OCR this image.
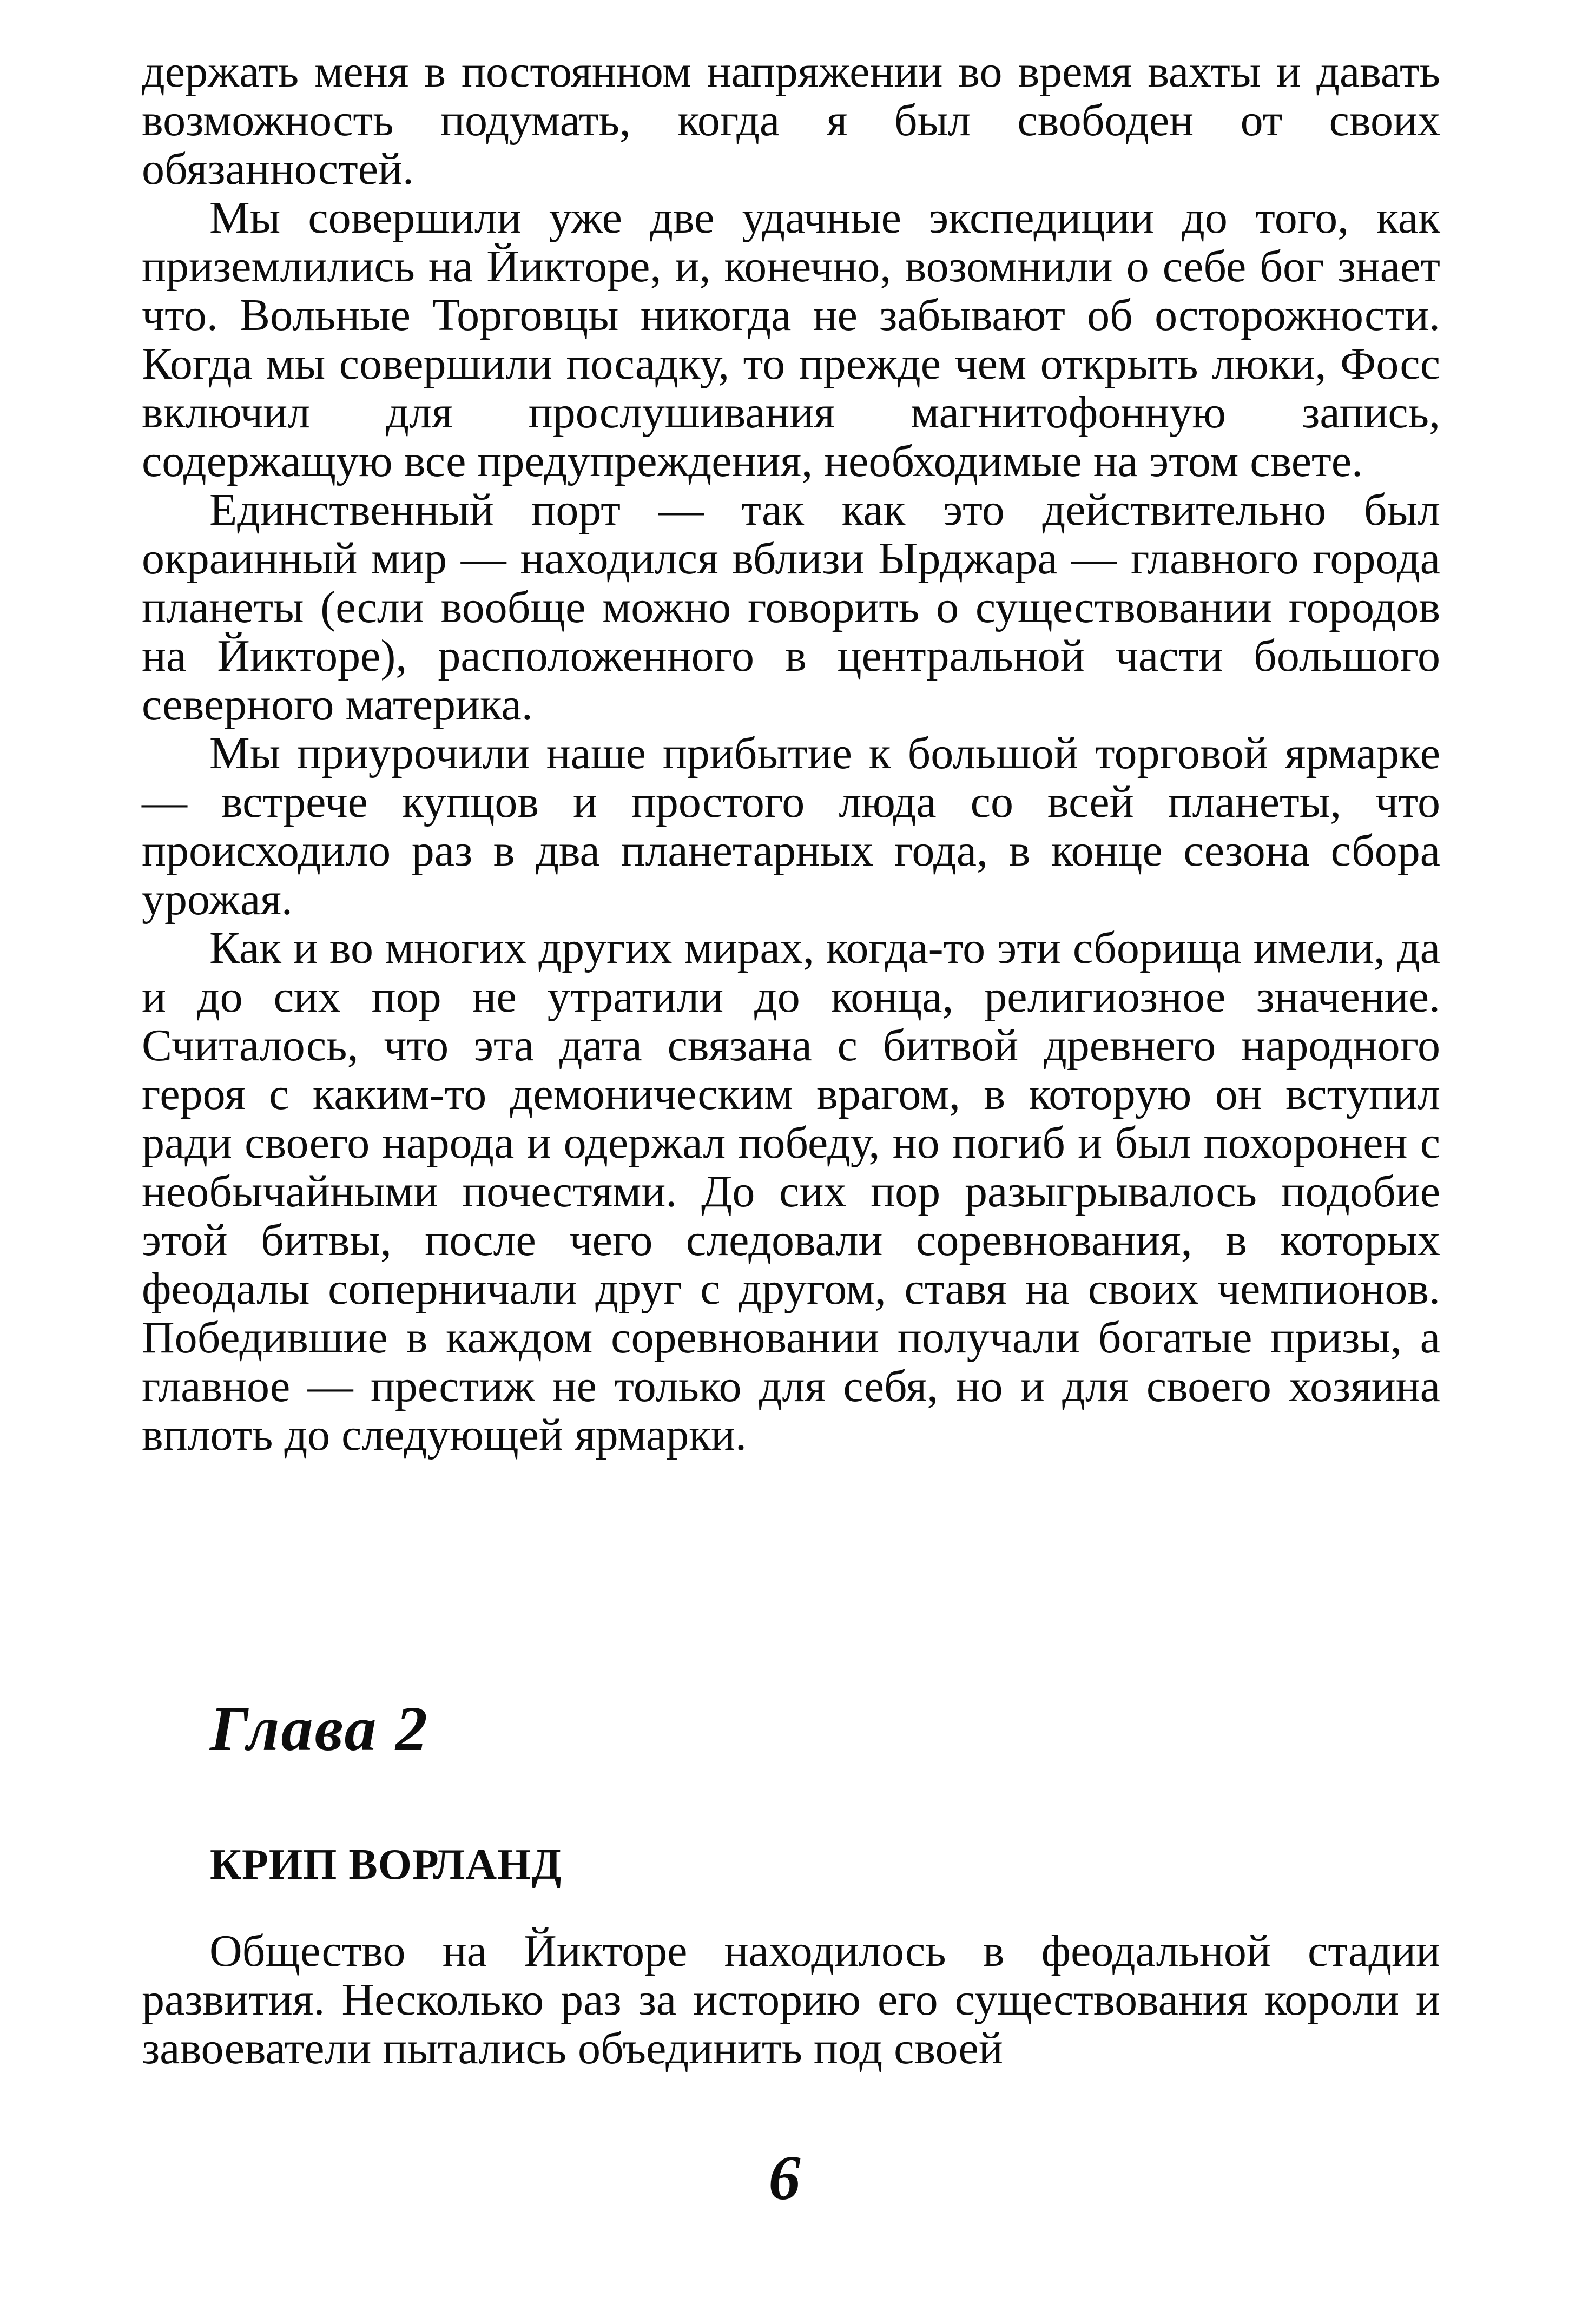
держать меня в постоянном напряжении во время вахты и давать возможность подумать, когда я был свободен от своих обязанностей.

Мы совершили уже две удачные экспедиции до того, как приземлились на Йикторе, и, конечно, возомнили о себе бог знает что. Вольные Торговцы никогда не забывают об осторожности. Когда мы совершили посадку, то прежде чем открыть люки, Фосс включил для прослушивания магнитофонную запись, содержащую все предупреждения, необходимые на этом свете.

Единственный порт — так как это действительно был окраинный мир — находился вблизи Ырджара — главного города планеты (если вообще можно говорить о существовании городов на Йикторе), расположенного в центральной части большого северного материка.

Мы приурочили наше прибытие к большой торговой ярмарке — встрече купцов и простого люда со всей планеты, что происходило раз в два планетарных года, в конце сезона сбора урожая.

Как и во многих других мирах, когда-то эти сборища имели, да и до сих пор не утратили до конца, религиозное значение. Считалось, что эта дата связана с битвой древнего народного героя с каким-то демоническим врагом, в которую он вступил ради своего народа и одержал победу, но погиб и был похоронен с необычайными почестями. До сих пор разыгрывалось подобие этой битвы, после чего следовали соревнования, в которых феодалы соперничали друг с другом, ставя на своих чемпионов. Победившие в каждом соревновании получали богатые призы, а главное — престиж не только для себя, но и для своего хозяина вплоть до следующей ярмарки.

Глава 2
КРИП ВОРЛАНД

Общество на Йикторе находилось в феодальной стадии развития. Несколько раз за историю его существования короли и завоеватели пытались объединить под своей

6
